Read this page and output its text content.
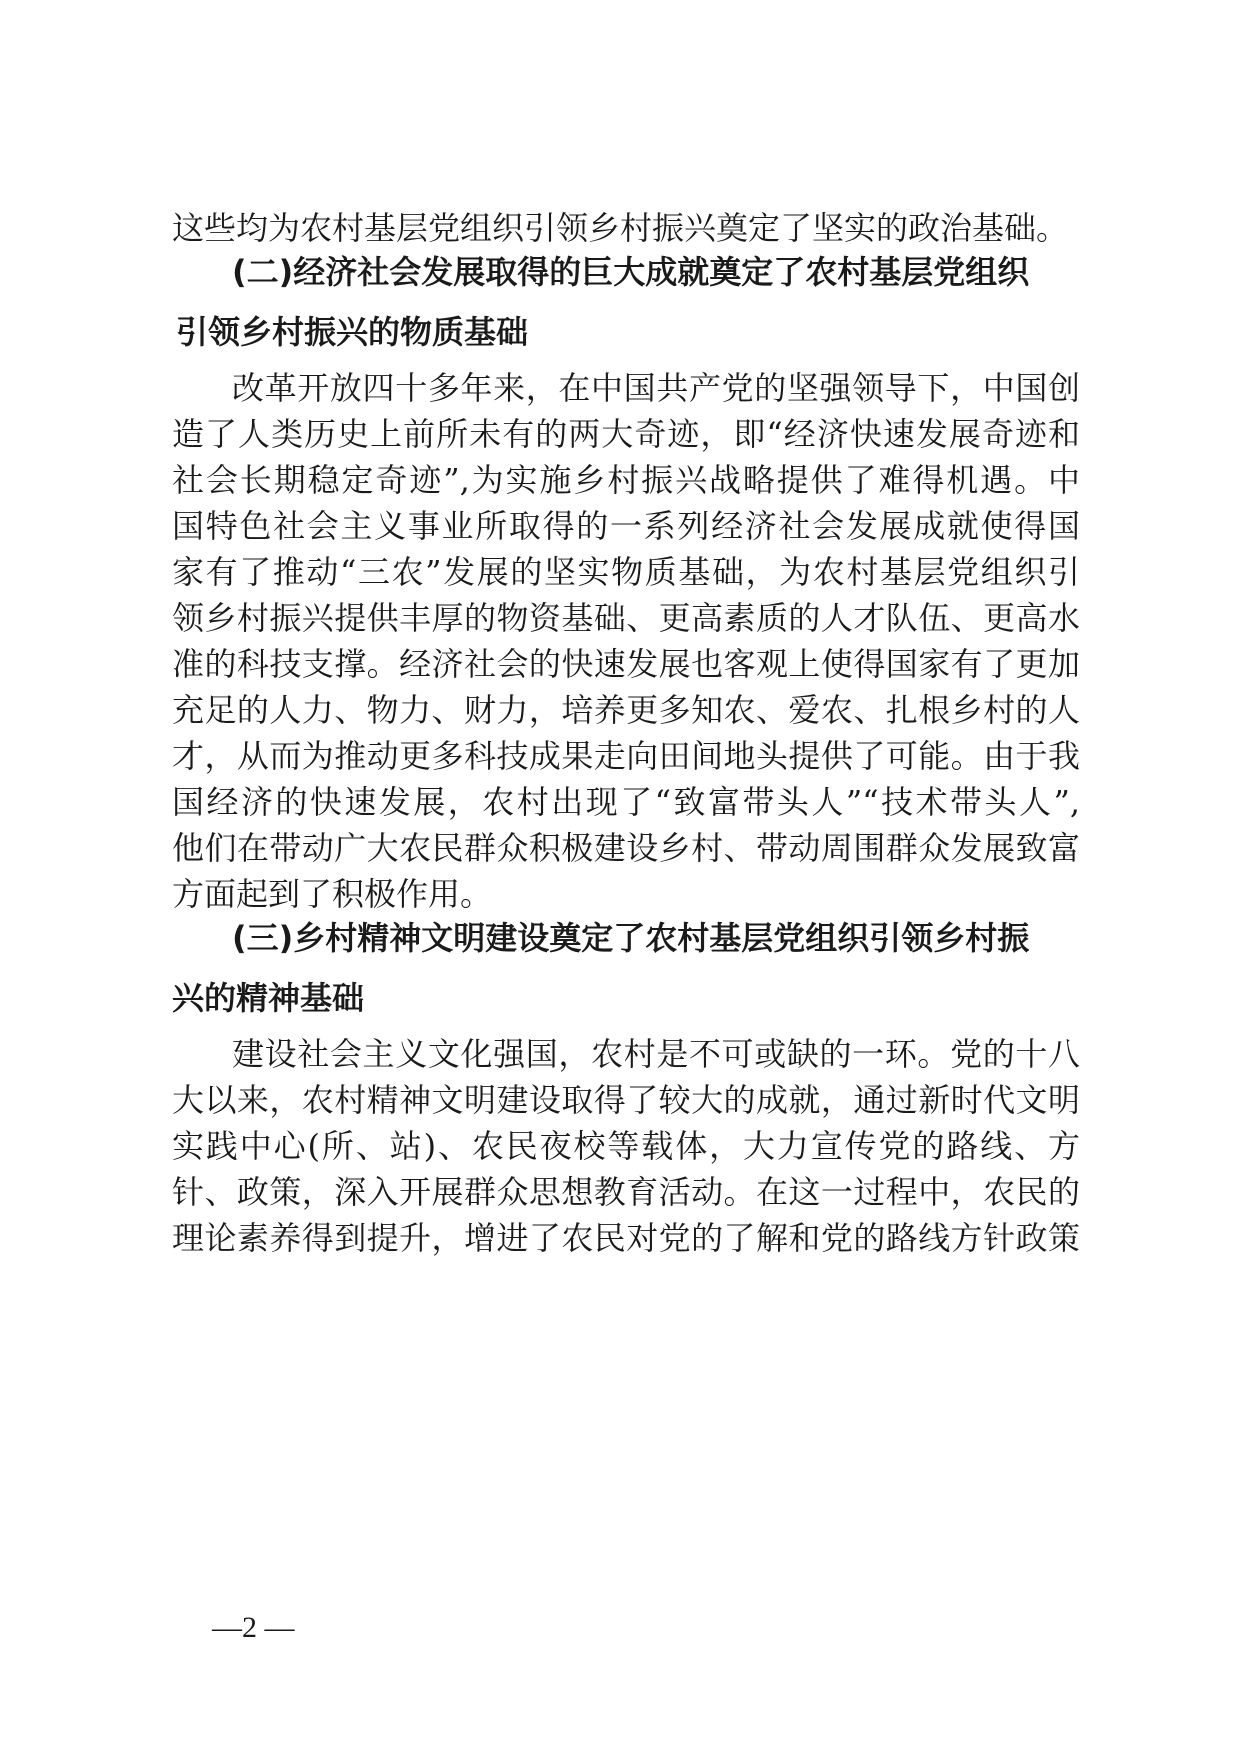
这些均为农村基层党组织引领乡村振兴奠定了坚实的政治基础。
(二)经济社会发展取得的巨大成就奠定了农村基层党组织
引领乡村振兴的物质基础
改革开放四十多年来，在中国共产党的坚强领导下，中国创
造了人类历史上前所未有的两大奇迹，即“经济快速发展奇迹和
社会长期稳定奇迹”,为实施乡村振兴战略提供了难得机遇。中
国特色社会主义事业所取得的一系列经济社会发展成就使得国
家有了推动“三农”发展的坚实物质基础，为农村基层党组织引
领乡村振兴提供丰厚的物资基础、更高素质的人才队伍、更高水
准的科技支撑。经济社会的快速发展也客观上使得国家有了更加
充足的人力、物力、财力，培养更多知农、爱农、扎根乡村的人
才，从而为推动更多科技成果走向田间地头提供了可能。由于我
国经济的快速发展，农村出现了“致富带头人”“技术带头人”,
他们在带动广大农民群众积极建设乡村、带动周围群众发展致富
方面起到了积极作用。
(三)乡村精神文明建设奠定了农村基层党组织引领乡村振
兴的精神基础
建设社会主义文化强国，农村是不可或缺的一环。党的十八
大以来，农村精神文明建设取得了较大的成就，通过新时代文明
实践中心(所、站)、农民夜校等载体，大力宣传党的路线、方
针、政策，深入开展群众思想教育活动。在这一过程中，农民的
理论素养得到提升，增进了农民对党的了解和党的路线方针政策
—2 —
